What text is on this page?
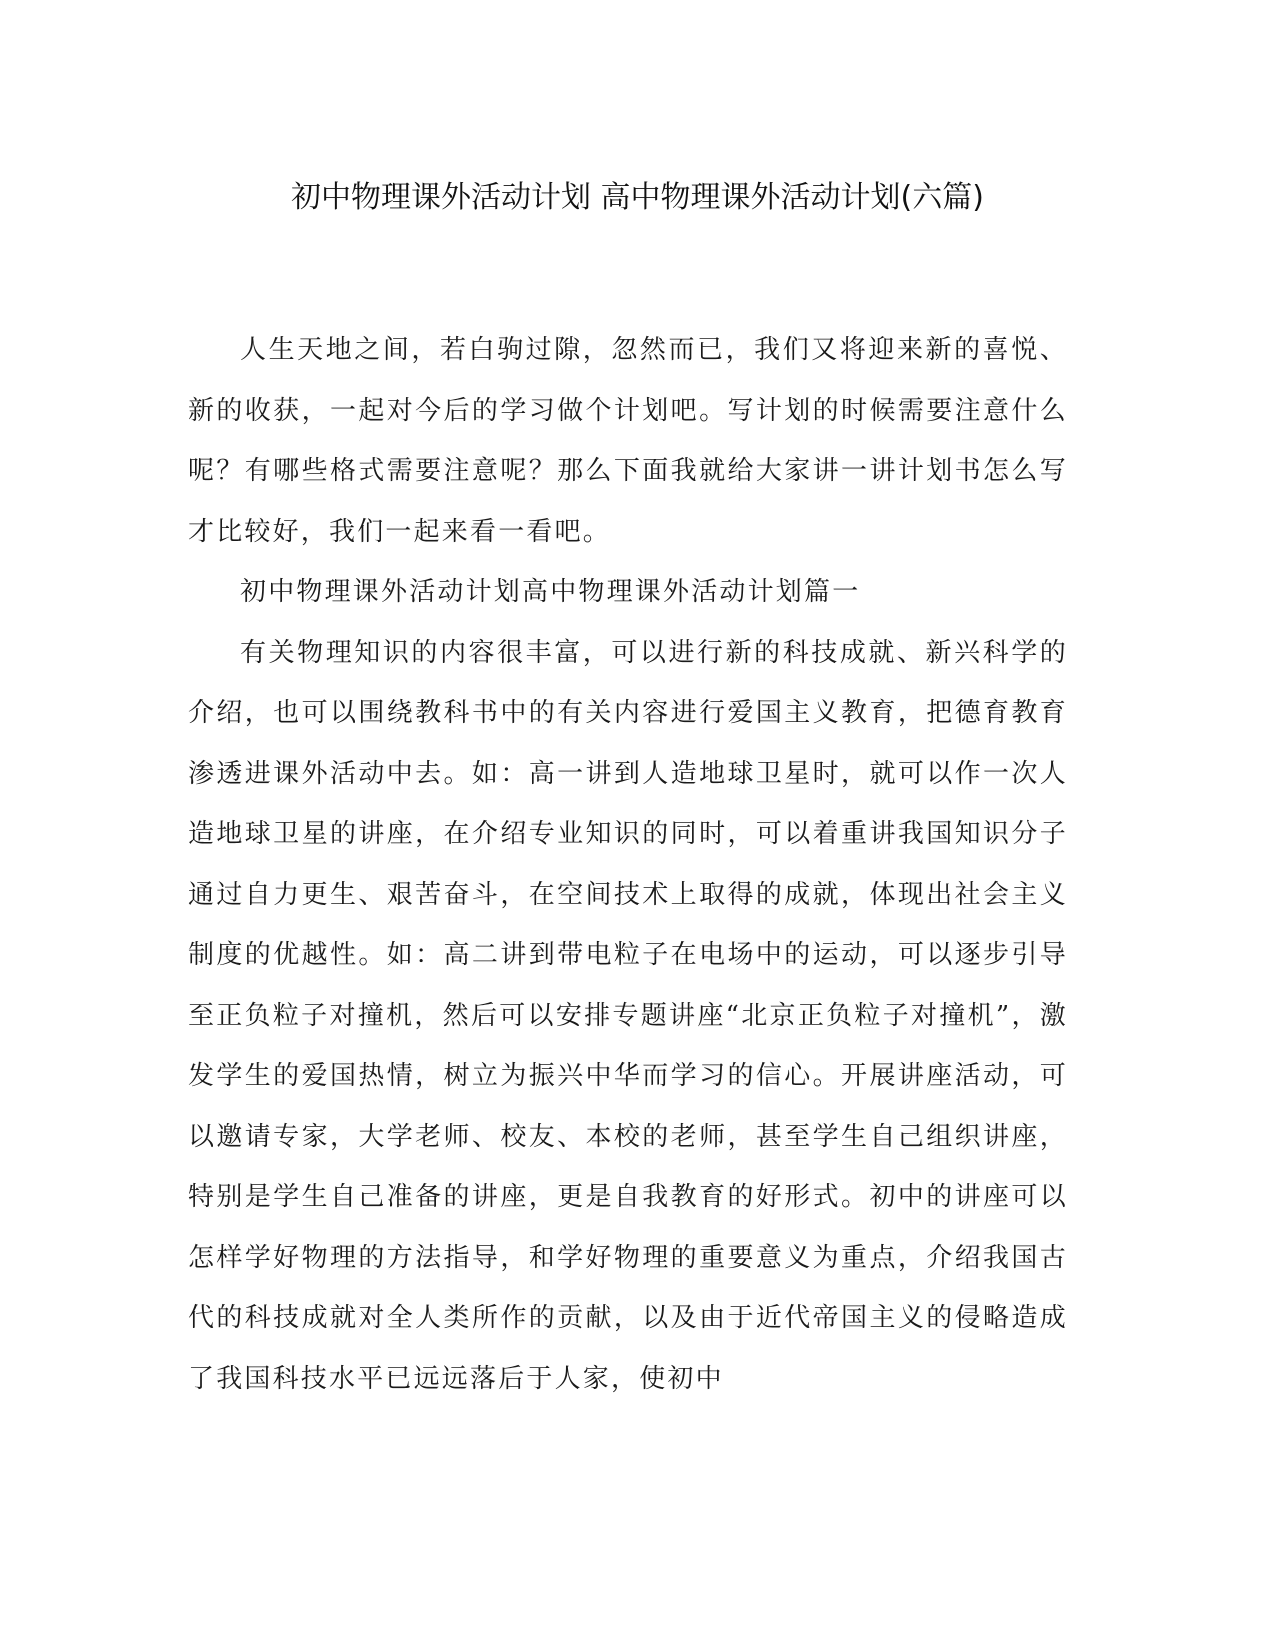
初中物理课外活动计划 高中物理课外活动计划(六篇)

人生天地之间，若白驹过隙，忽然而已，我们又将迎来新的喜悦、新的收获，一起对今后的学习做个计划吧。写计划的时候需要注意什么呢？有哪些格式需要注意呢？那么下面我就给大家讲一讲计划书怎么写才比较好，我们一起来看一看吧。

初中物理课外活动计划高中物理课外活动计划篇一

有关物理知识的内容很丰富，可以进行新的科技成就、新兴科学的介绍，也可以围绕教科书中的有关内容进行爱国主义教育，把德育教育渗透进课外活动中去。如：高一讲到人造地球卫星时，就可以作一次人造地球卫星的讲座，在介绍专业知识的同时，可以着重讲我国知识分子通过自力更生、艰苦奋斗，在空间技术上取得的成就，体现出社会主义制度的优越性。如：高二讲到带电粒子在电场中的运动，可以逐步引导至正负粒子对撞机，然后可以安排专题讲座“北京正负粒子对撞机”，激发学生的爱国热情，树立为振兴中华而学习的信心。开展讲座活动，可以邀请专家，大学老师、校友、本校的老师，甚至学生自己组织讲座，特别是学生自己准备的讲座，更是自我教育的好形式。初中的讲座可以怎样学好物理的方法指导，和学好物理的重要意义为重点，介绍我国古代的科技成就对全人类所作的贡献，以及由于近代帝国主义的侵略造成了我国科技水平已远远落后于人家，使初中
